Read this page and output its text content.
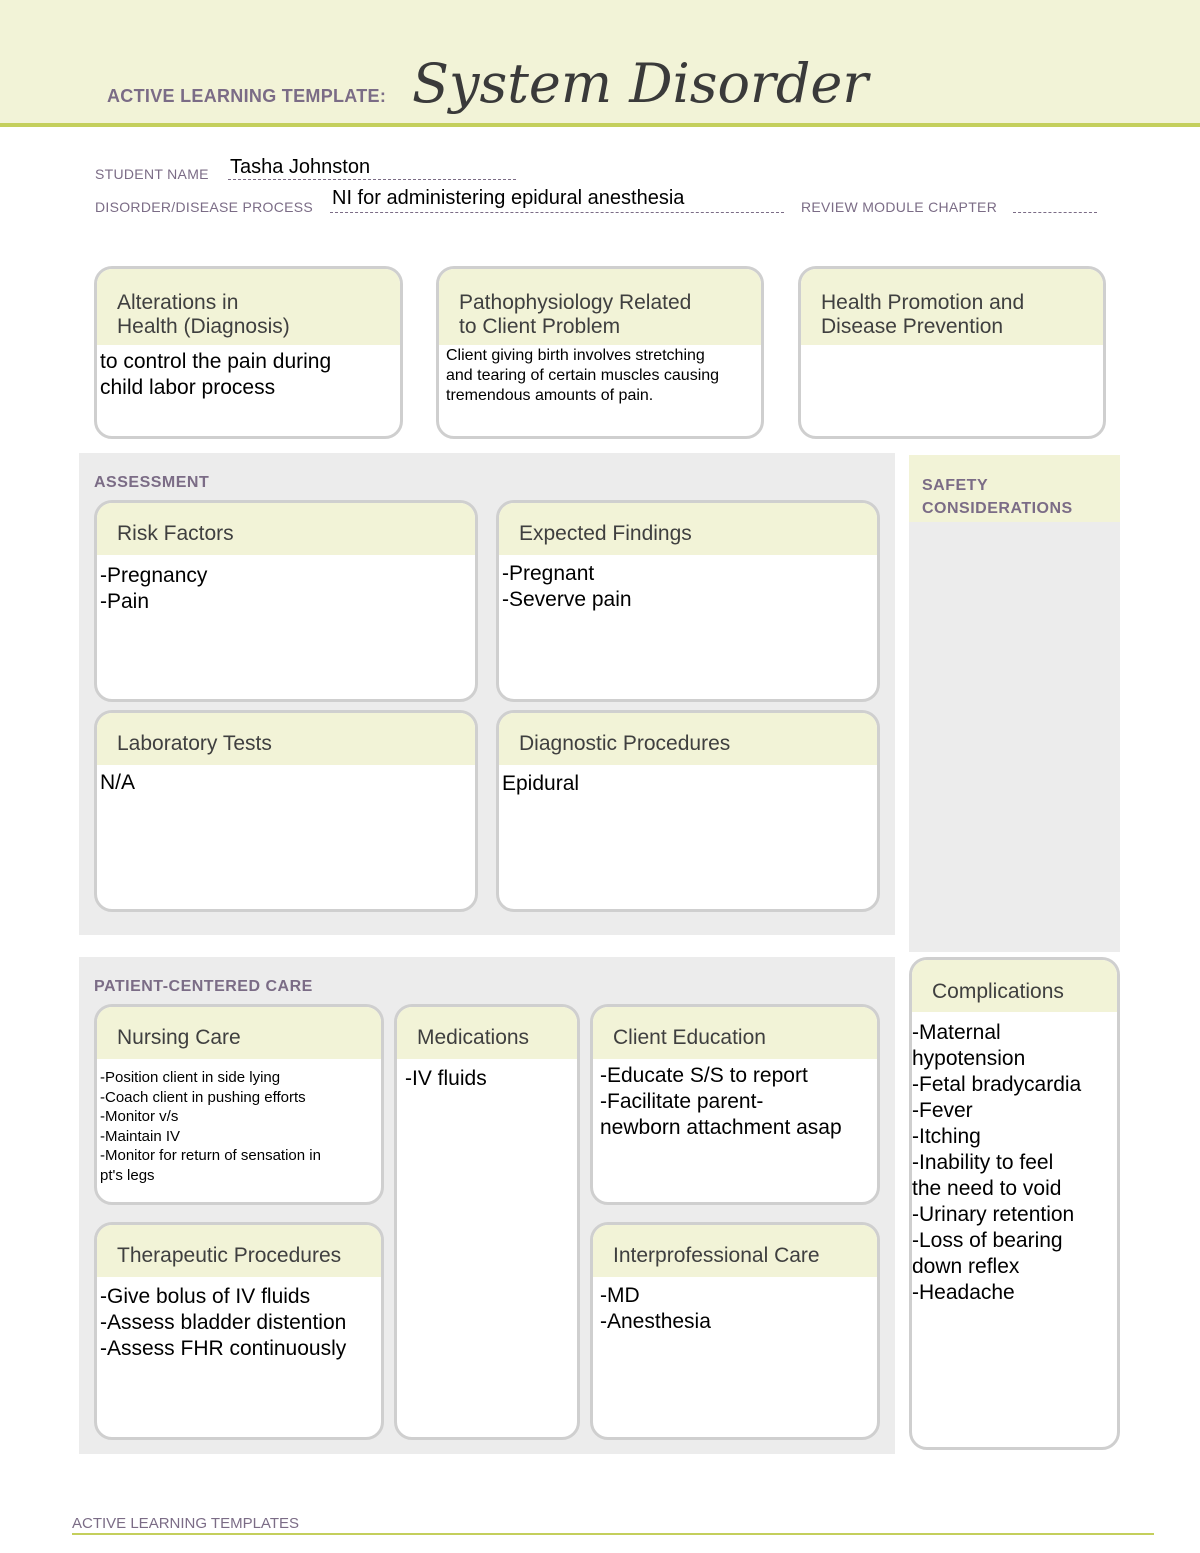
ACTIVE LEARNING TEMPLATE: System Disorder
STUDENT NAME Tasha Johnston
DISORDER/DISEASE PROCESS NI for administering epidural anesthesia	REVIEW MODULE CHAPTER
Alterations in
Health (Diagnosis)
to control the pain during
child labor process
Pathophysiology Related
to Client Problem
Client giving birth involves stretching
and tearing of certain muscles causing
tremendous amounts of pain.
Health Promotion and
Disease Prevention
ASSESSMENT
Risk Factors
-Pregnancy
-Pain
Expected Findings
-Pregnant
-Severve pain
Laboratory Tests
N/A
Diagnostic Procedures
Epidural
SAFETY
CONSIDERATIONS
PATIENT-CENTERED CARE
Nursing Care
-Position client in side lying
-Coach client in pushing efforts
-Monitor v/s
-Maintain IV
-Monitor for return of sensation in
pt's legs
Medications
-IV fluids
Client Education
-Educate S/S to report
-Facilitate parent-
newborn attachment asap
Therapeutic Procedures
-Give bolus of IV fluids
-Assess bladder distention
-Assess FHR continuously
Interprofessional Care
-MD
-Anesthesia
Complications
-Maternal
hypotension
-Fetal bradycardia
-Fever
-Itching
-Inability to feel
the need to void
-Urinary retention
-Loss of bearing
down reflex
-Headache
ACTIVE LEARNING TEMPLATES
